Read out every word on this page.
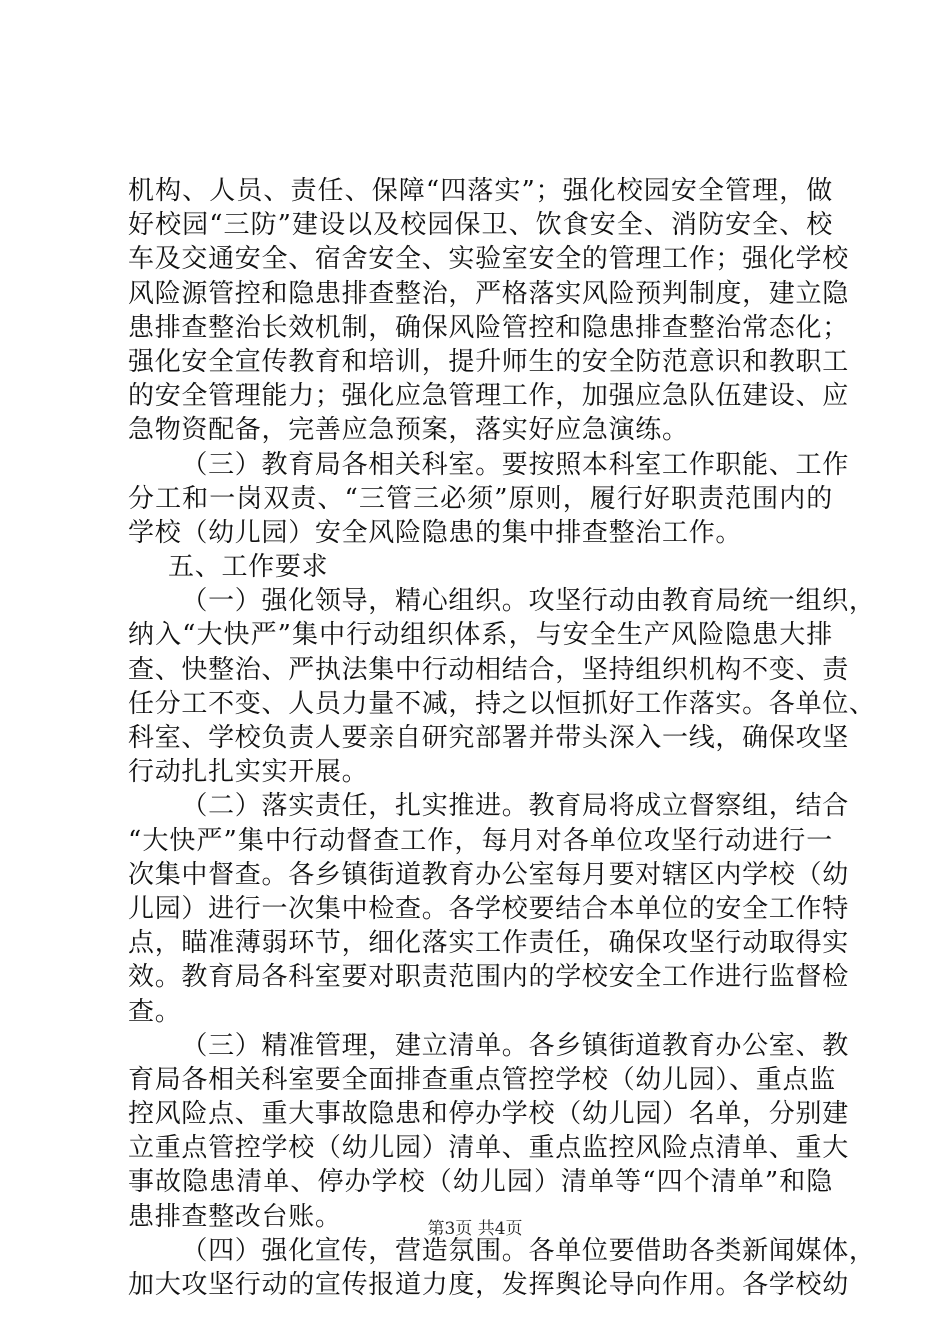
机构、人员、责任、保障“四落实”；强化校园安全管理，做
好校园“三防”建设以及校园保卫、饮食安全、消防安全、校
车及交通安全、宿舍安全、实验室安全的管理工作；强化学校
风险源管控和隐患排查整治，严格落实风险预判制度，建立隐
患排查整治长效机制，确保风险管控和隐患排查整治常态化；
强化安全宣传教育和培训，提升师生的安全防范意识和教职工
的安全管理能力；强化应急管理工作，加强应急队伍建设、应
急物资配备，完善应急预案，落实好应急演练。
（三）教育局各相关科室。要按照本科室工作职能、工作
分工和一岗双责、“三管三必须”原则，履行好职责范围内的
学校（幼儿园）安全风险隐患的集中排查整治工作。
五、工作要求
（一）强化领导，精心组织。攻坚行动由教育局统一组织，
纳入“大快严”集中行动组织体系，与安全生产风险隐患大排
查、快整治、严执法集中行动相结合，坚持组织机构不变、责
任分工不变、人员力量不减，持之以恒抓好工作落实。各单位、
科室、学校负责人要亲自研究部署并带头深入一线，确保攻坚
行动扎扎实实开展。
（二）落实责任，扎实推进。教育局将成立督察组，结合
“大快严”集中行动督查工作，每月对各单位攻坚行动进行一
次集中督查。各乡镇街道教育办公室每月要对辖区内学校（幼
儿园）进行一次集中检查。各学校要结合本单位的安全工作特
点，瞄准薄弱环节，细化落实工作责任，确保攻坚行动取得实
效。教育局各科室要对职责范围内的学校安全工作进行监督检
查。
（三）精准管理，建立清单。各乡镇街道教育办公室、教
育局各相关科室要全面排查重点管控学校（幼儿园）、重点监
控风险点、重大事故隐患和停办学校（幼儿园）名单，分别建
立重点管控学校（幼儿园）清单、重点监控风险点清单、重大
事故隐患清单、停办学校（幼儿园）清单等“四个清单”和隐
患排查整改台账。
（四）强化宣传，营造氛围。各单位要借助各类新闻媒体，
加大攻坚行动的宣传报道力度，发挥舆论导向作用。各学校幼
第3页 共4页
